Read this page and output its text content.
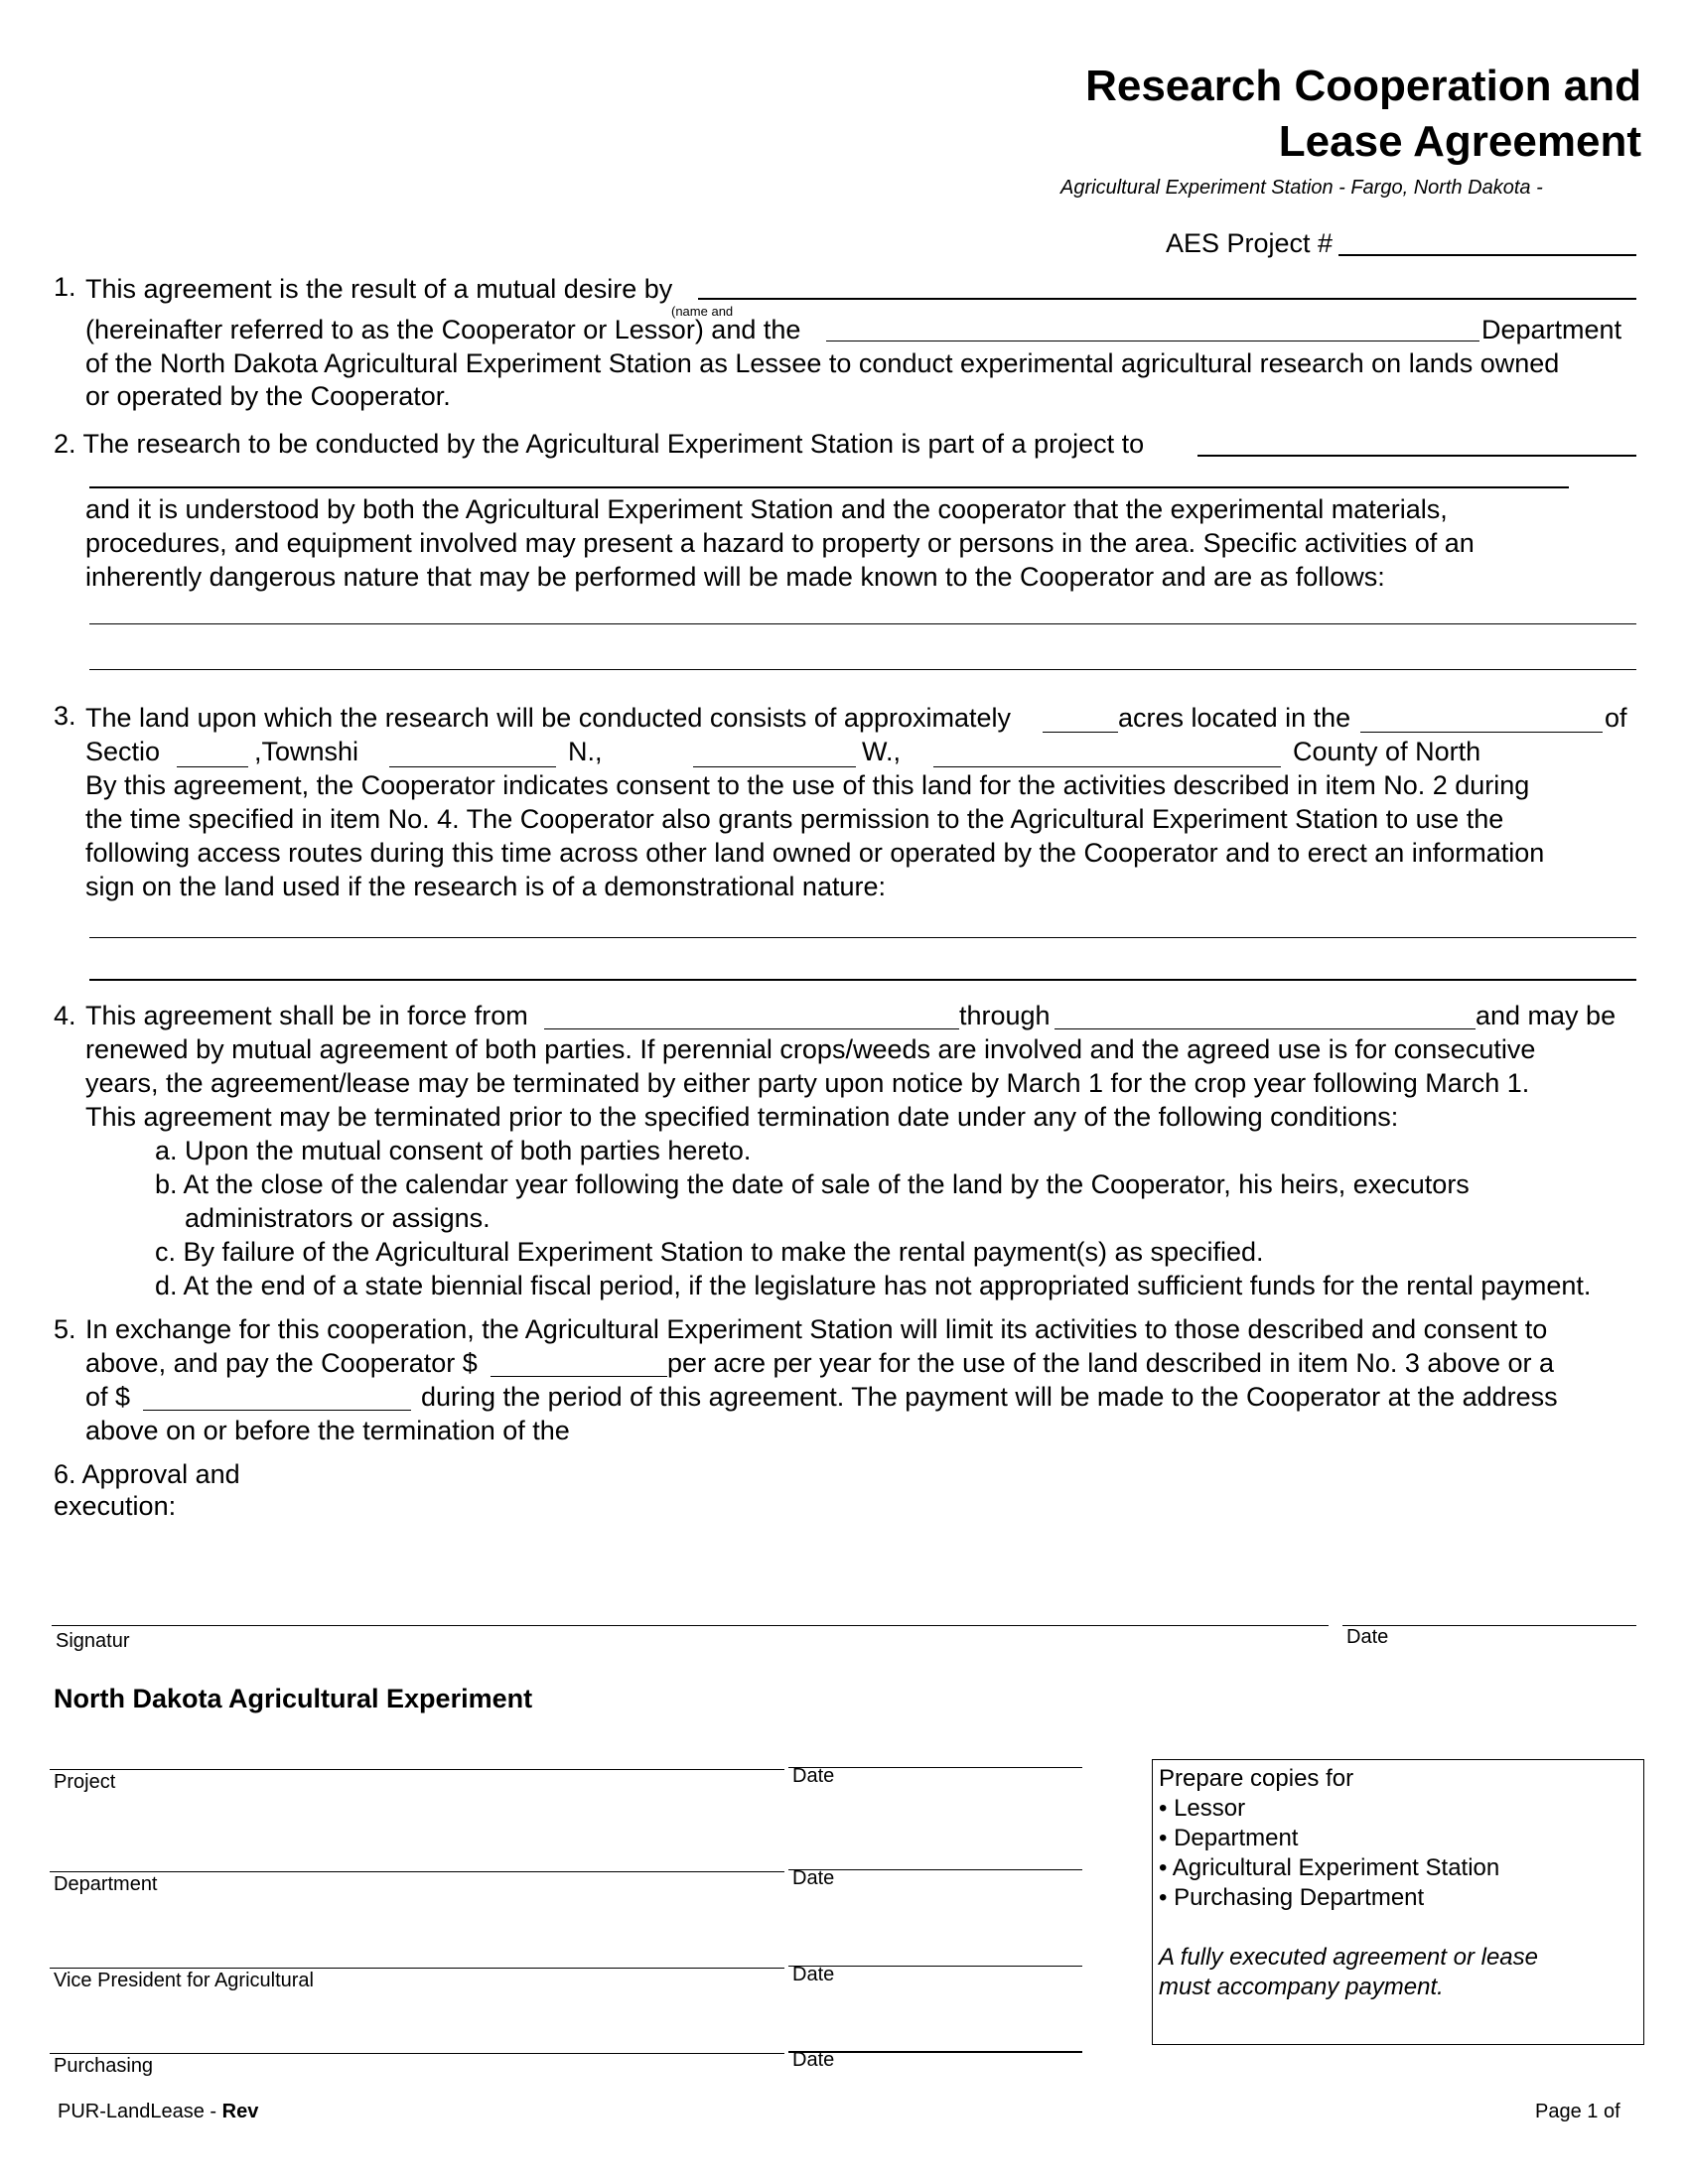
Research Cooperation and
Lease Agreement
Agricultural Experiment Station - Fargo, North Dakota -
AES Project #
1. This agreement is the result of a mutual desire by
(name and
(hereinafter referred to as the Cooperator or Lessor) and the	Department
of the North Dakota Agricultural Experiment Station as Lessee to conduct experimental agricultural research on lands owned
or operated by the Cooperator.
2. The research to be conducted by the Agricultural Experiment Station is part of a project to
and it is understood by both the Agricultural Experiment Station and the cooperator that the experimental materials,
procedures, and equipment involved may present a hazard to property or persons in the area. Specific activities of an
inherently dangerous nature that may be performed will be made known to the Cooperator and are as follows:
3. The land upon which the research will be conducted consists of approximately	acres located in the	of
Sectio	,Townshi	N.,	W.,	County of North
By this agreement, the Cooperator indicates consent to the use of this land for the activities described in item No. 2 during
the time specified in item No. 4. The Cooperator also grants permission to the Agricultural Experiment Station to use the
following access routes during this time across other land owned or operated by the Cooperator and to erect an information
sign on the land used if the research is of a demonstrational nature:
4. This agreement shall be in force from	through	and may be
renewed by mutual agreement of both parties. If perennial crops/weeds are involved and the agreed use is for consecutive
years, the agreement/lease may be terminated by either party upon notice by March 1 for the crop year following March 1.
This agreement may be terminated prior to the specified termination date under any of the following conditions:
a. Upon the mutual consent of both parties hereto.
b. At the close of the calendar year following the date of sale of the land by the Cooperator, his heirs, executors
administrators or assigns.
c. By failure of the Agricultural Experiment Station to make the rental payment(s) as specified.
d. At the end of a state biennial fiscal period, if the legislature has not appropriated sufficient funds for the rental payment.
5. In exchange for this cooperation, the Agricultural Experiment Station will limit its activities to those described and consent to
above, and pay the Cooperator $	per acre per year for the use of the land described in item No. 3 above or a
of $	during the period of this agreement. The payment will be made to the Cooperator at the address
above on or before the termination of the
6. Approval and
execution:
Signatur	Date
North Dakota Agricultural Experiment
Project	Date
Department	Date
Vice President for Agricultural	Date
Purchasing	Date
Prepare copies for
• Lessor
• Department
• Agricultural Experiment Station
• Purchasing Department
A fully executed agreement or lease
must accompany payment.
PUR-LandLease - Rev	Page 1 of
